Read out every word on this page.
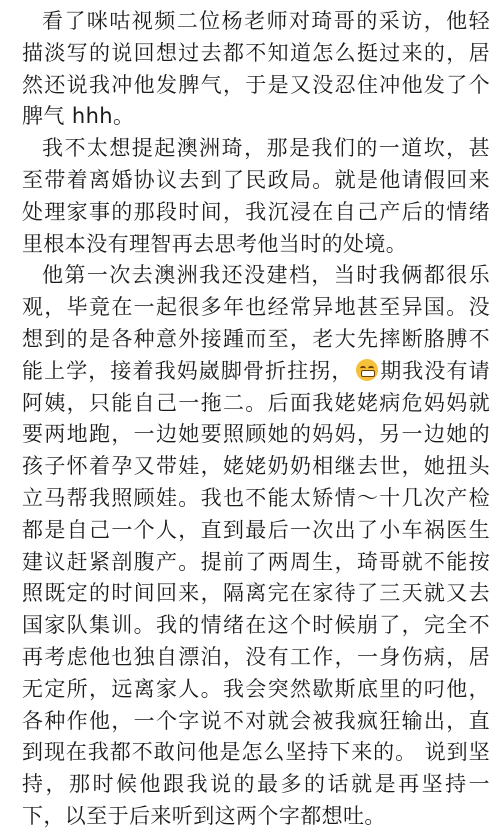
看了咪咕视频二位杨老师对琦哥的采访，他轻描淡写的说回想过去都不知道怎么挺过来的，居然还说我冲他发脾气，于是又没忍住冲他发了个脾气 hhh。

我不太想提起澳洲琦，那是我们的一道坎，甚至带着离婚协议去到了民政局。就是他请假回来处理家事的那段时间，我沉浸在自己产后的情绪里根本没有理智再去思考他当时的处境。

他第一次去澳洲我还没建档，当时我俩都很乐观，毕竟在一起很多年也经常异地甚至异国。没想到的是各种意外接踵而至，老大先摔断胳膊不能上学，接着我妈崴脚骨折拄拐， 期我没有请阿姨，只能自己一拖二。后面我姥姥病危妈妈就要两地跑，一边她要照顾她的妈妈，另一边她的孩子怀着孕又带娃，姥姥奶奶相继去世，她扭头立马帮我照顾娃。我也不能太矫情～十几次产检都是自己一个人，直到最后一次出了小车祸医生建议赶紧剖腹产。提前了两周生，琦哥就不能按照既定的时间回来，隔离完在家待了三天就又去国家队集训。我的情绪在这个时候崩了，完全不再考虑他也独自漂泊，没有工作，一身伤病，居无定所，远离家人。我会突然歇斯底里的叼他，各种作他，一个字说不对就会被我疯狂输出，直到现在我都不敢问他是怎么坚持下来的。 说到坚持，那时候他跟我说的最多的话就是再坚持一下，以至于后来听到这两个字都想吐。
